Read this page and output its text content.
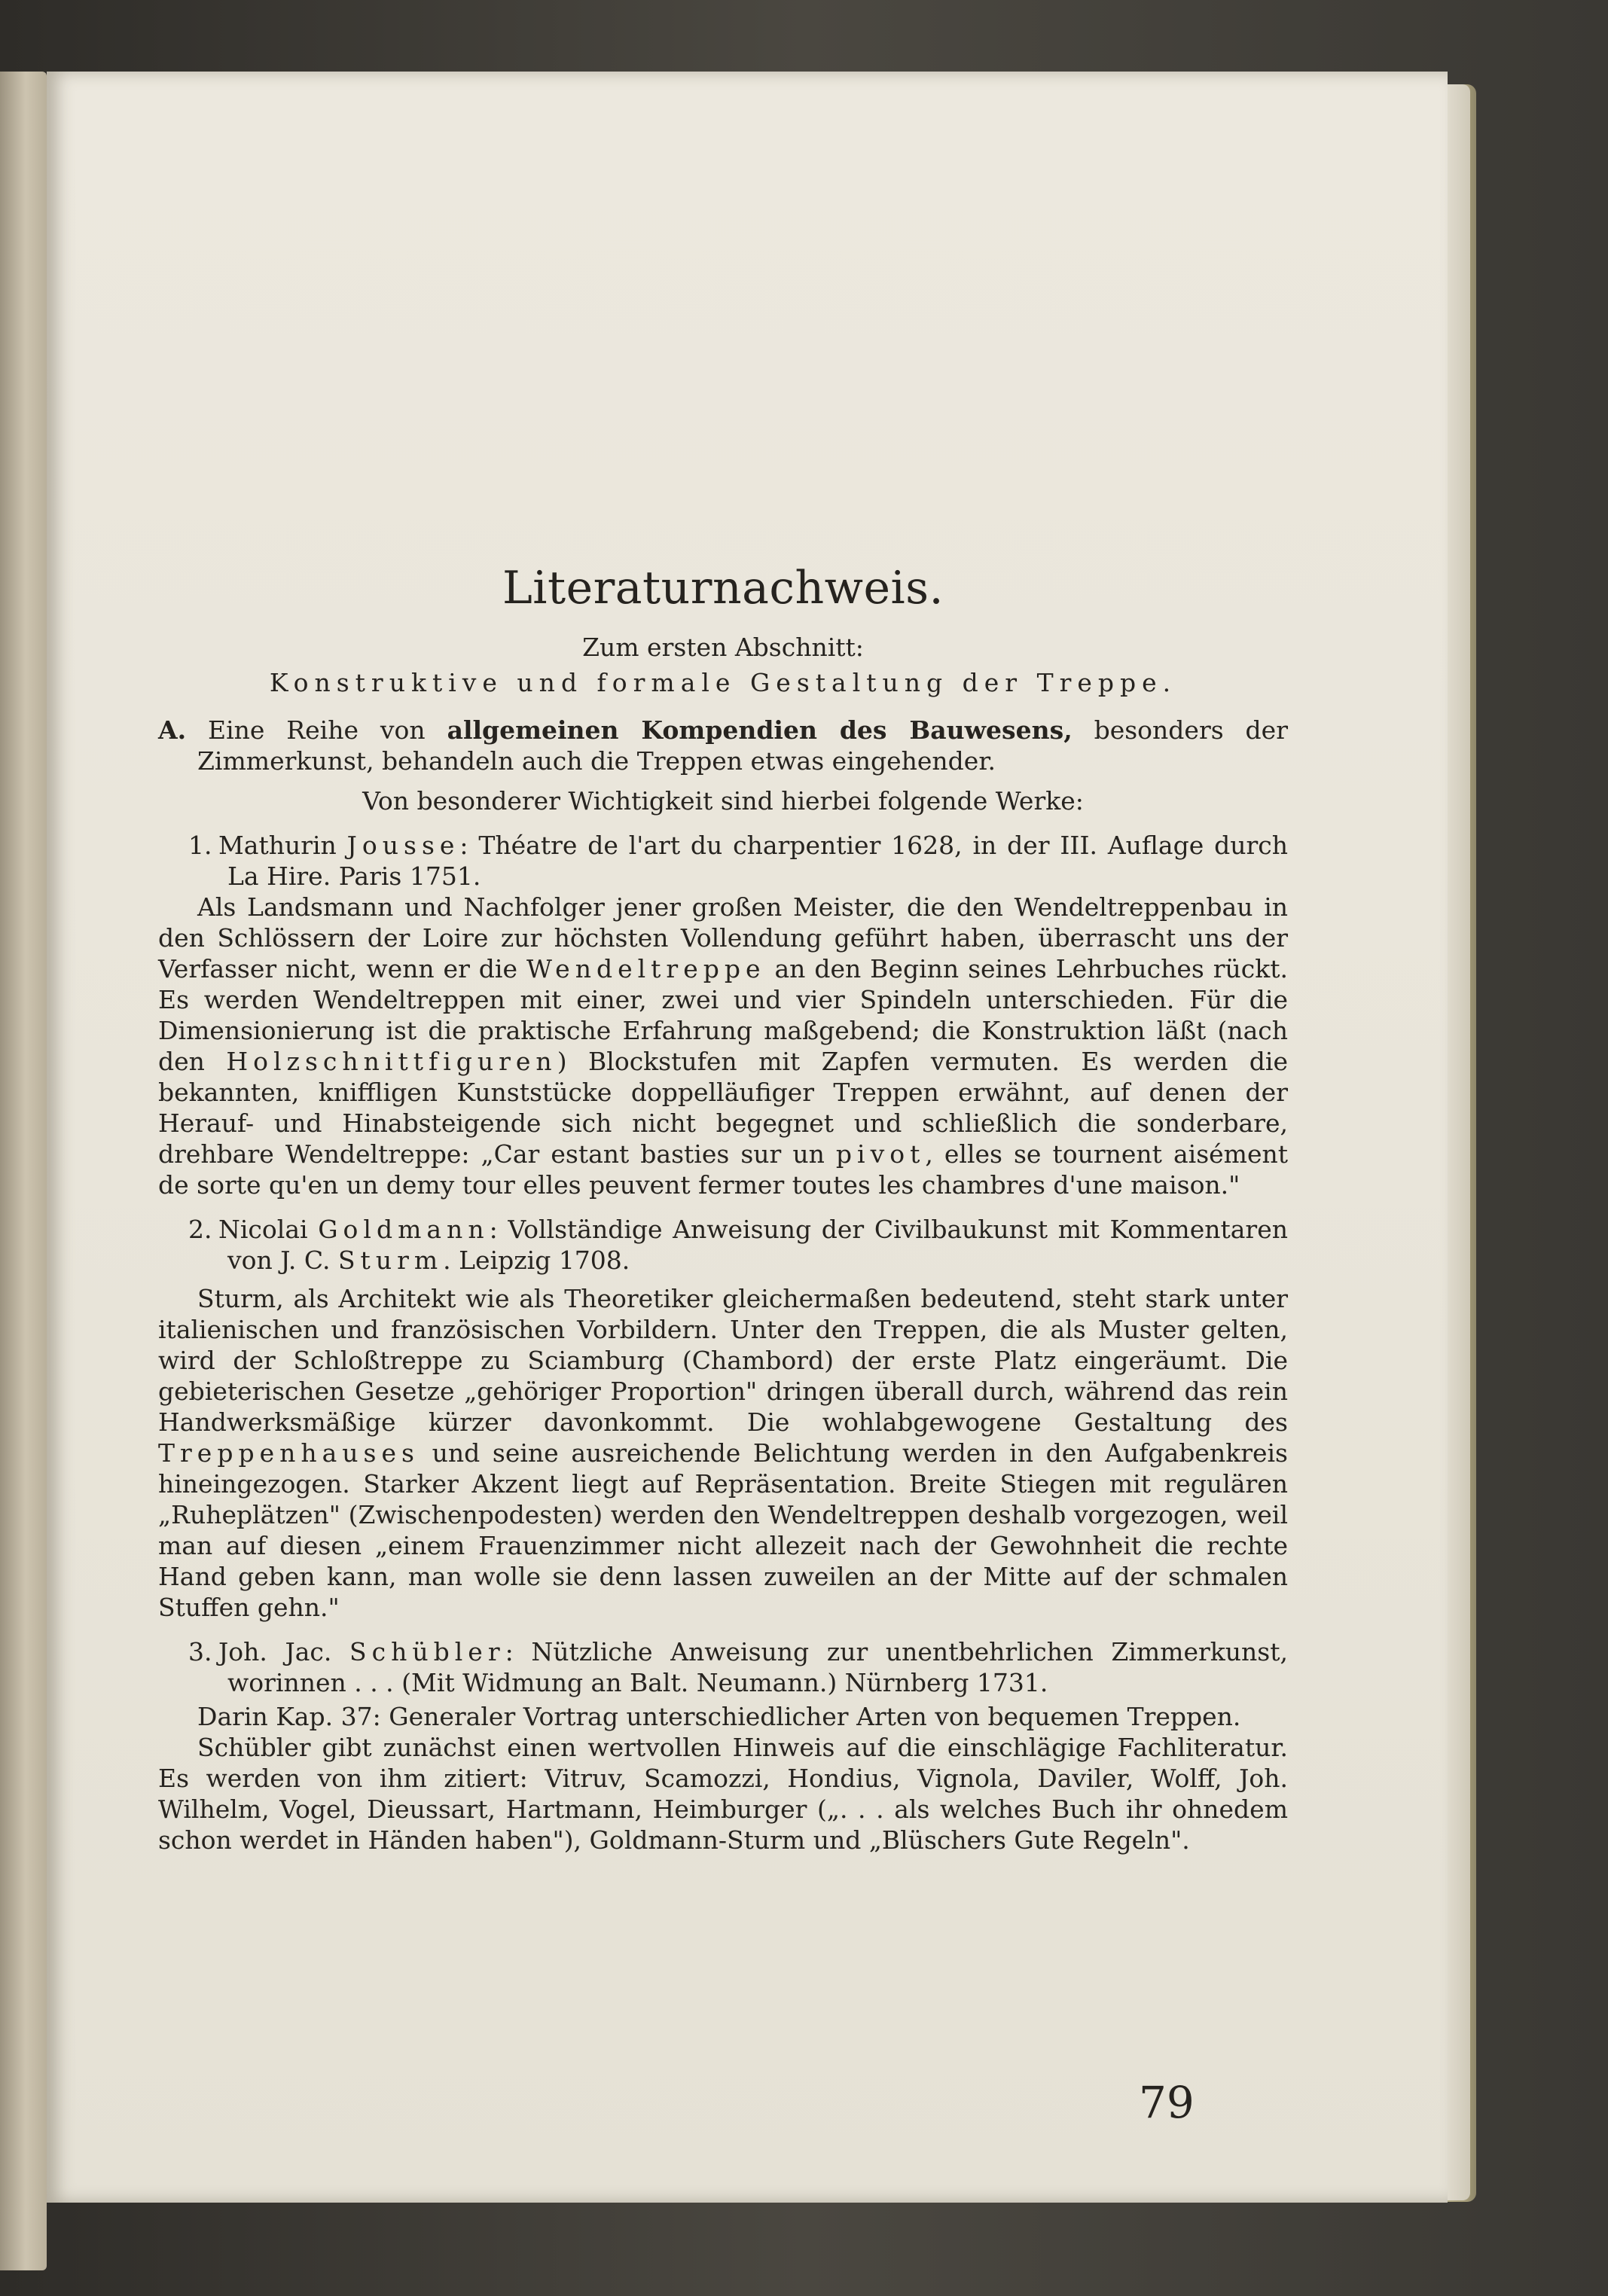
Literaturnachweis.
Zum ersten Abschnitt:
Konstruktive und formale Gestaltung der Treppe.

A. Eine Reihe von allgemeinen Kompendien des Bauwesens, besonders der Zimmerkunst, behandeln auch die Treppen etwas eingehender.

Von besonderer Wichtigkeit sind hierbei folgende Werke:

1. Mathurin Jousse: Théatre de l'art du charpentier 1628, in der III. Auflage durch La Hire. Paris 1751.

Als Landsmann und Nachfolger jener großen Meister, die den Wendeltreppenbau in den Schlössern der Loire zur höchsten Vollendung geführt haben, überrascht uns der Verfasser nicht, wenn er die Wendeltreppe an den Beginn seines Lehrbuches rückt. Es werden Wendeltreppen mit einer, zwei und vier Spindeln unterschieden. Für die Dimensionierung ist die praktische Erfahrung maßgebend; die Konstruktion läßt (nach den Holzschnittfiguren) Blockstufen mit Zapfen vermuten. Es werden die bekannten, kniffligen Kunststücke doppelläufiger Treppen erwähnt, auf denen der Herauf- und Hinabsteigende sich nicht begegnet und schließlich die sonderbare, drehbare Wendeltreppe: „Car estant basties sur un pivot, elles se tournent aisément de sorte qu'en un demy tour elles peuvent fermer toutes les chambres d'une maison."

2. Nicolai Goldmann: Vollständige Anweisung der Civilbaukunst mit Kommentaren von J. C. Sturm. Leipzig 1708.

Sturm, als Architekt wie als Theoretiker gleichermaßen bedeutend, steht stark unter italienischen und französischen Vorbildern. Unter den Treppen, die als Muster gelten, wird der Schloßtreppe zu Sciamburg (Chambord) der erste Platz eingeräumt. Die gebieterischen Gesetze „gehöriger Proportion" dringen überall durch, während das rein Handwerksmäßige kürzer davonkommt. Die wohlabgewogene Gestaltung des Treppenhauses und seine ausreichende Belichtung werden in den Aufgabenkreis hineingezogen. Starker Akzent liegt auf Repräsentation. Breite Stiegen mit regulären „Ruheplätzen" (Zwischenpodesten) werden den Wendeltreppen deshalb vorgezogen, weil man auf diesen „einem Frauenzimmer nicht allezeit nach der Gewohnheit die rechte Hand geben kann, man wolle sie denn lassen zuweilen an der Mitte auf der schmalen Stuffen gehn."

3. Joh. Jac. Schübler: Nützliche Anweisung zur unentbehrlichen Zimmerkunst, worinnen . . . (Mit Widmung an Balt. Neumann.) Nürnberg 1731.

Darin Kap. 37: Generaler Vortrag unterschiedlicher Arten von bequemen Treppen.

Schübler gibt zunächst einen wertvollen Hinweis auf die einschlägige Fachliteratur. Es werden von ihm zitiert: Vitruv, Scamozzi, Hondius, Vignola, Daviler, Wolff, Joh. Wilhelm, Vogel, Dieussart, Hartmann, Heimburger („. . . als welches Buch ihr ohnedem schon werdet in Händen haben"), Goldmann-Sturm und „Blüschers Gute Regeln".

79
